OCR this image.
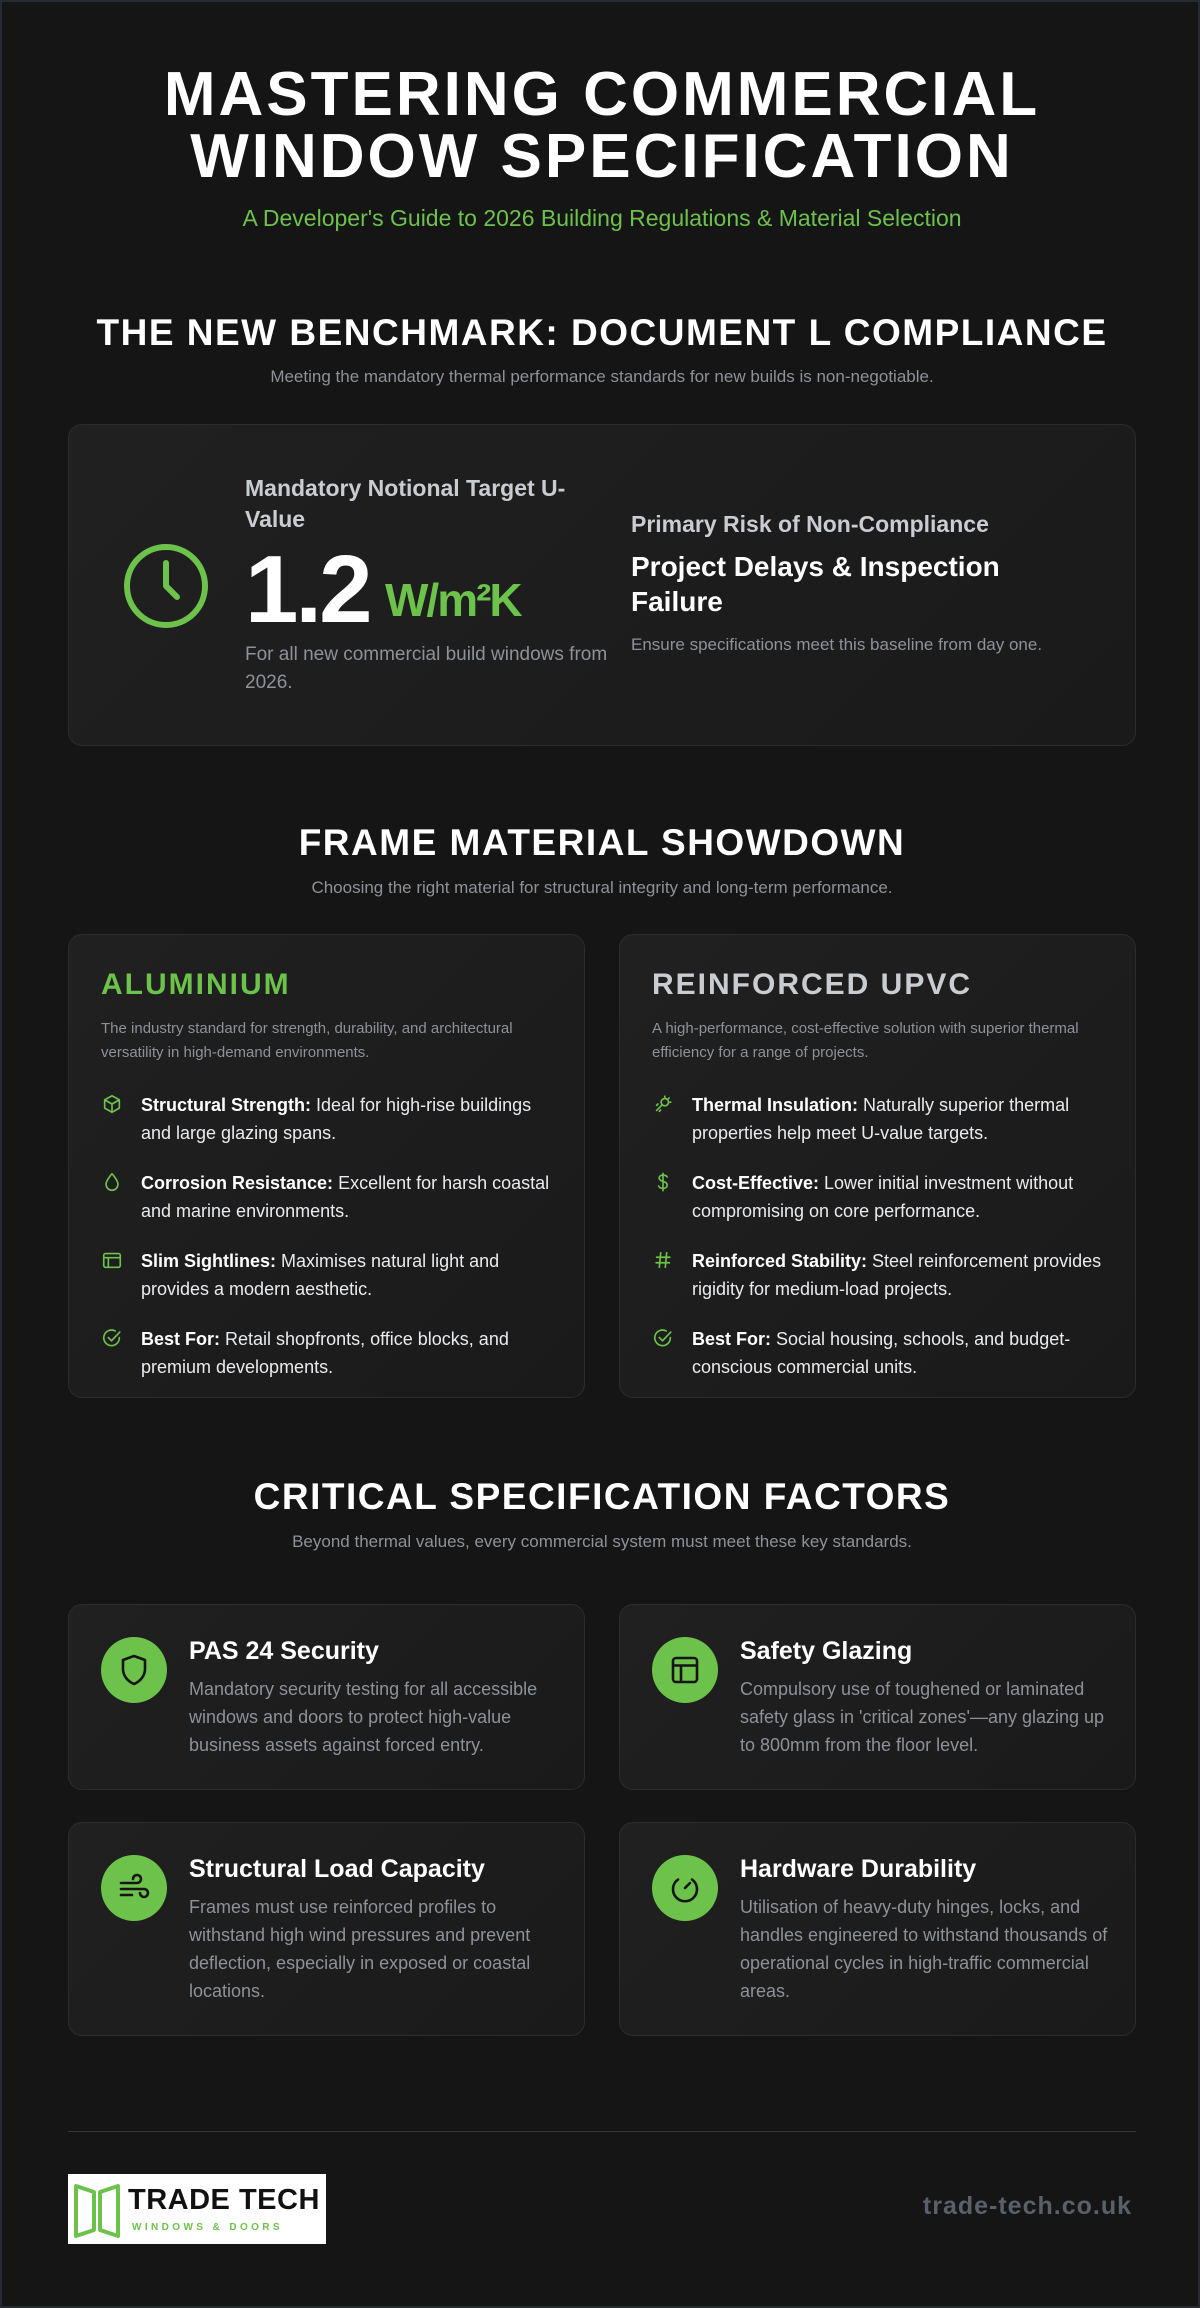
MASTERING COMMERCIAL
WINDOW SPECIFICATION
A Developer's Guide to 2026 Building Regulations & Material Selection
THE NEW BENCHMARK: DOCUMENT L COMPLIANCE
Meeting the mandatory thermal performance standards for new builds is non-negotiable.
Mandatory Notional Target U-Value
1.2 W/m²K
For all new commercial build windows from 2026.
Primary Risk of Non-Compliance
Project Delays & Inspection Failure
Ensure specifications meet this baseline from day one.
FRAME MATERIAL SHOWDOWN
Choosing the right material for structural integrity and long-term performance.
ALUMINIUM
The industry standard for strength, durability, and architectural versatility in high-demand environments.
Structural Strength: Ideal for high-rise buildings and large glazing spans.
Corrosion Resistance: Excellent for harsh coastal and marine environments.
Slim Sightlines: Maximises natural light and provides a modern aesthetic.
Best For: Retail shopfronts, office blocks, and premium developments.
REINFORCED UPVC
A high-performance, cost-effective solution with superior thermal efficiency for a range of projects.
Thermal Insulation: Naturally superior thermal properties help meet U-value targets.
Cost-Effective: Lower initial investment without compromising on core performance.
Reinforced Stability: Steel reinforcement provides rigidity for medium-load projects.
Best For: Social housing, schools, and budget-conscious commercial units.
CRITICAL SPECIFICATION FACTORS
Beyond thermal values, every commercial system must meet these key standards.
PAS 24 Security
Mandatory security testing for all accessible windows and doors to protect high-value business assets against forced entry.
Safety Glazing
Compulsory use of toughened or laminated safety glass in 'critical zones'—any glazing up to 800mm from the floor level.
Structural Load Capacity
Frames must use reinforced profiles to withstand high wind pressures and prevent deflection, especially in exposed or coastal locations.
Hardware Durability
Utilisation of heavy-duty hinges, locks, and handles engineered to withstand thousands of operational cycles in high-traffic commercial areas.
TRADE TECH
WINDOWS & DOORS
trade-tech.co.uk
